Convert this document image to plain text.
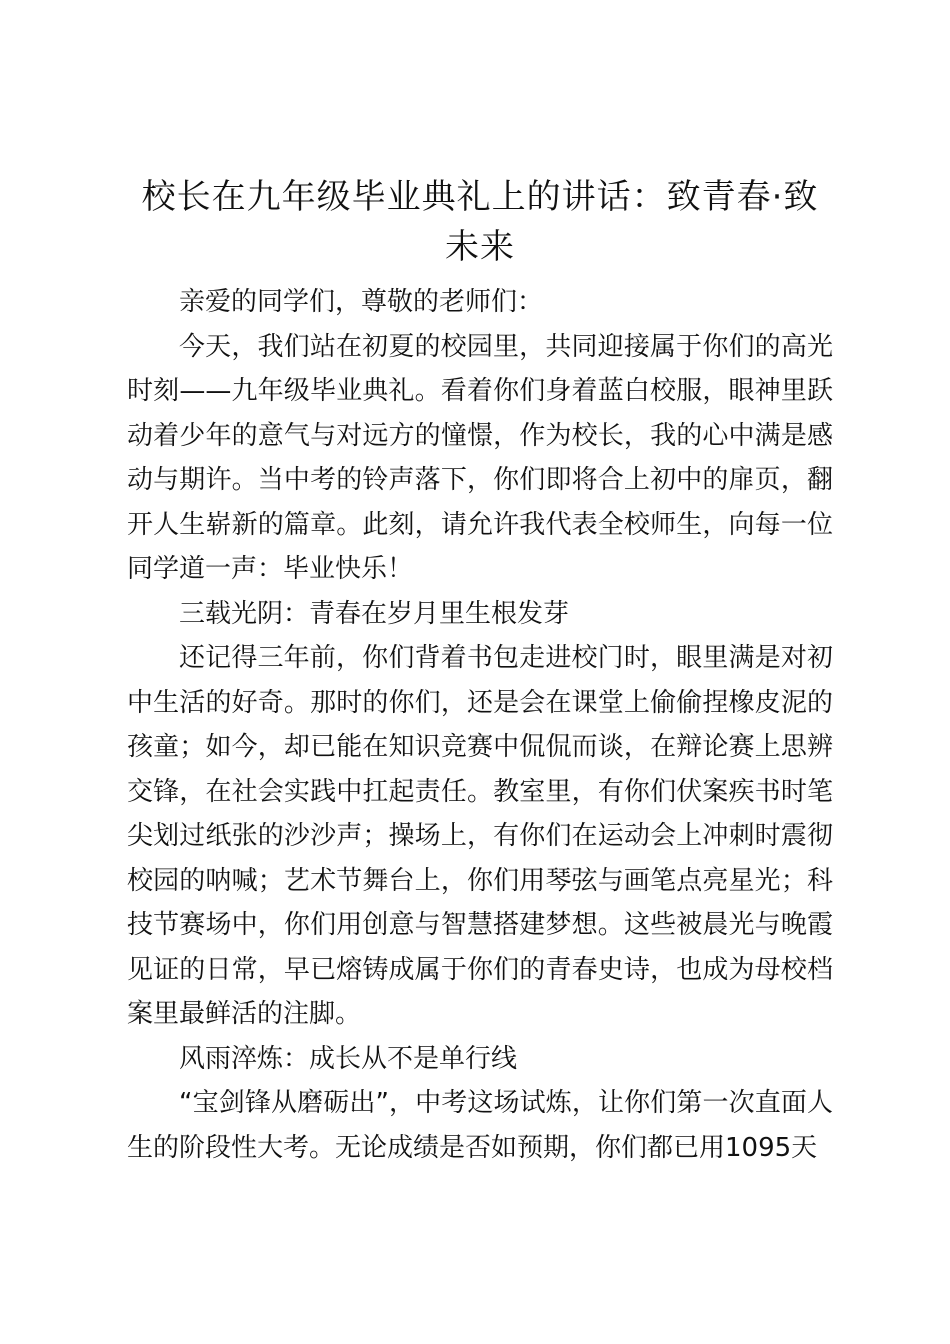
校长在九年级毕业典礼上的讲话：致青春·致
未来

亲爱的同学们，尊敬的老师们：

今天，我们站在初夏的校园里，共同迎接属于你们的高光时刻——九年级毕业典礼。看着你们身着蓝白校服，眼神里跃动着少年的意气与对远方的憧憬，作为校长，我的心中满是感动与期许。当中考的铃声落下，你们即将合上初中的扉页，翻开人生崭新的篇章。此刻，请允许我代表全校师生，向每一位同学道一声：毕业快乐！

三载光阴：青春在岁月里生根发芽

还记得三年前，你们背着书包走进校门时，眼里满是对初中生活的好奇。那时的你们，还是会在课堂上偷偷捏橡皮泥的孩童；如今，却已能在知识竞赛中侃侃而谈，在辩论赛上思辨交锋，在社会实践中扛起责任。教室里，有你们伏案疾书时笔尖划过纸张的沙沙声；操场上，有你们在运动会上冲刺时震彻校园的呐喊；艺术节舞台上，你们用琴弦与画笔点亮星光；科技节赛场中，你们用创意与智慧搭建梦想。这些被晨光与晚霞见证的日常，早已熔铸成属于你们的青春史诗，也成为母校档案里最鲜活的注脚。

风雨淬炼：成长从不是单行线

“宝剑锋从磨砺出”，中考这场试炼，让你们第一次直面人生的阶段性大考。无论成绩是否如预期，你们都已用1095天
